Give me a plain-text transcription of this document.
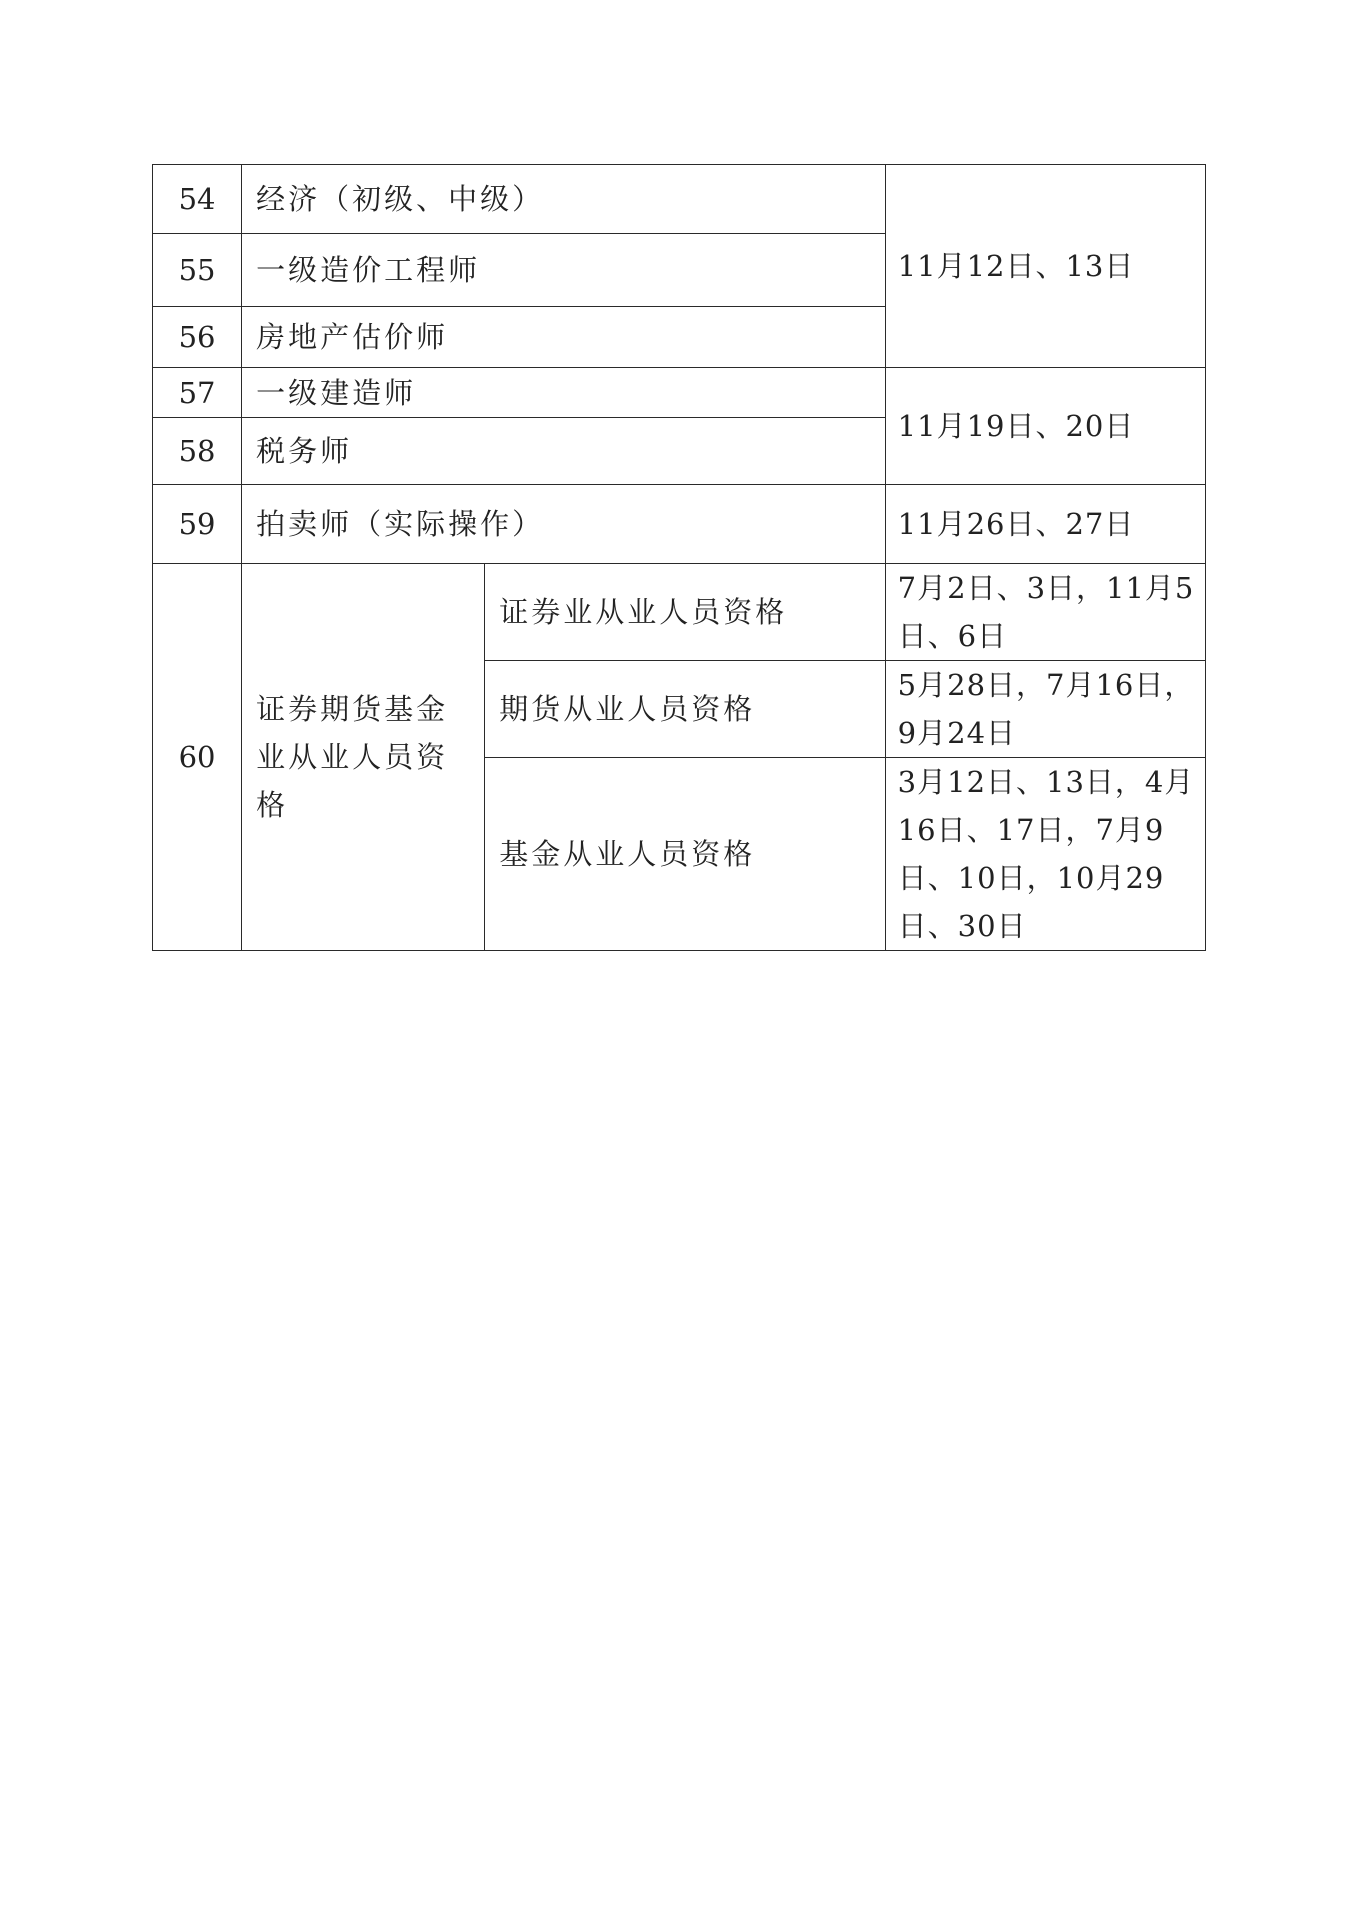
54	经济（初级、中级）		11月12日、13日
55	一级造价工程师		
56	房地产估价师		
57	一级建造师		11月19日、20日
58	税务师		
59	拍卖师（实际操作）		11月26日、27日
60	证券期货基金业从业人员资格	证券业从业人员资格	7月2日、3日，11月5日、6日
		期货从业人员资格	5月28日，7月16日，9月24日
		基金从业人员资格	3月12日、13日，4月16日、17日，7月9日、10日，10月29日、30日
